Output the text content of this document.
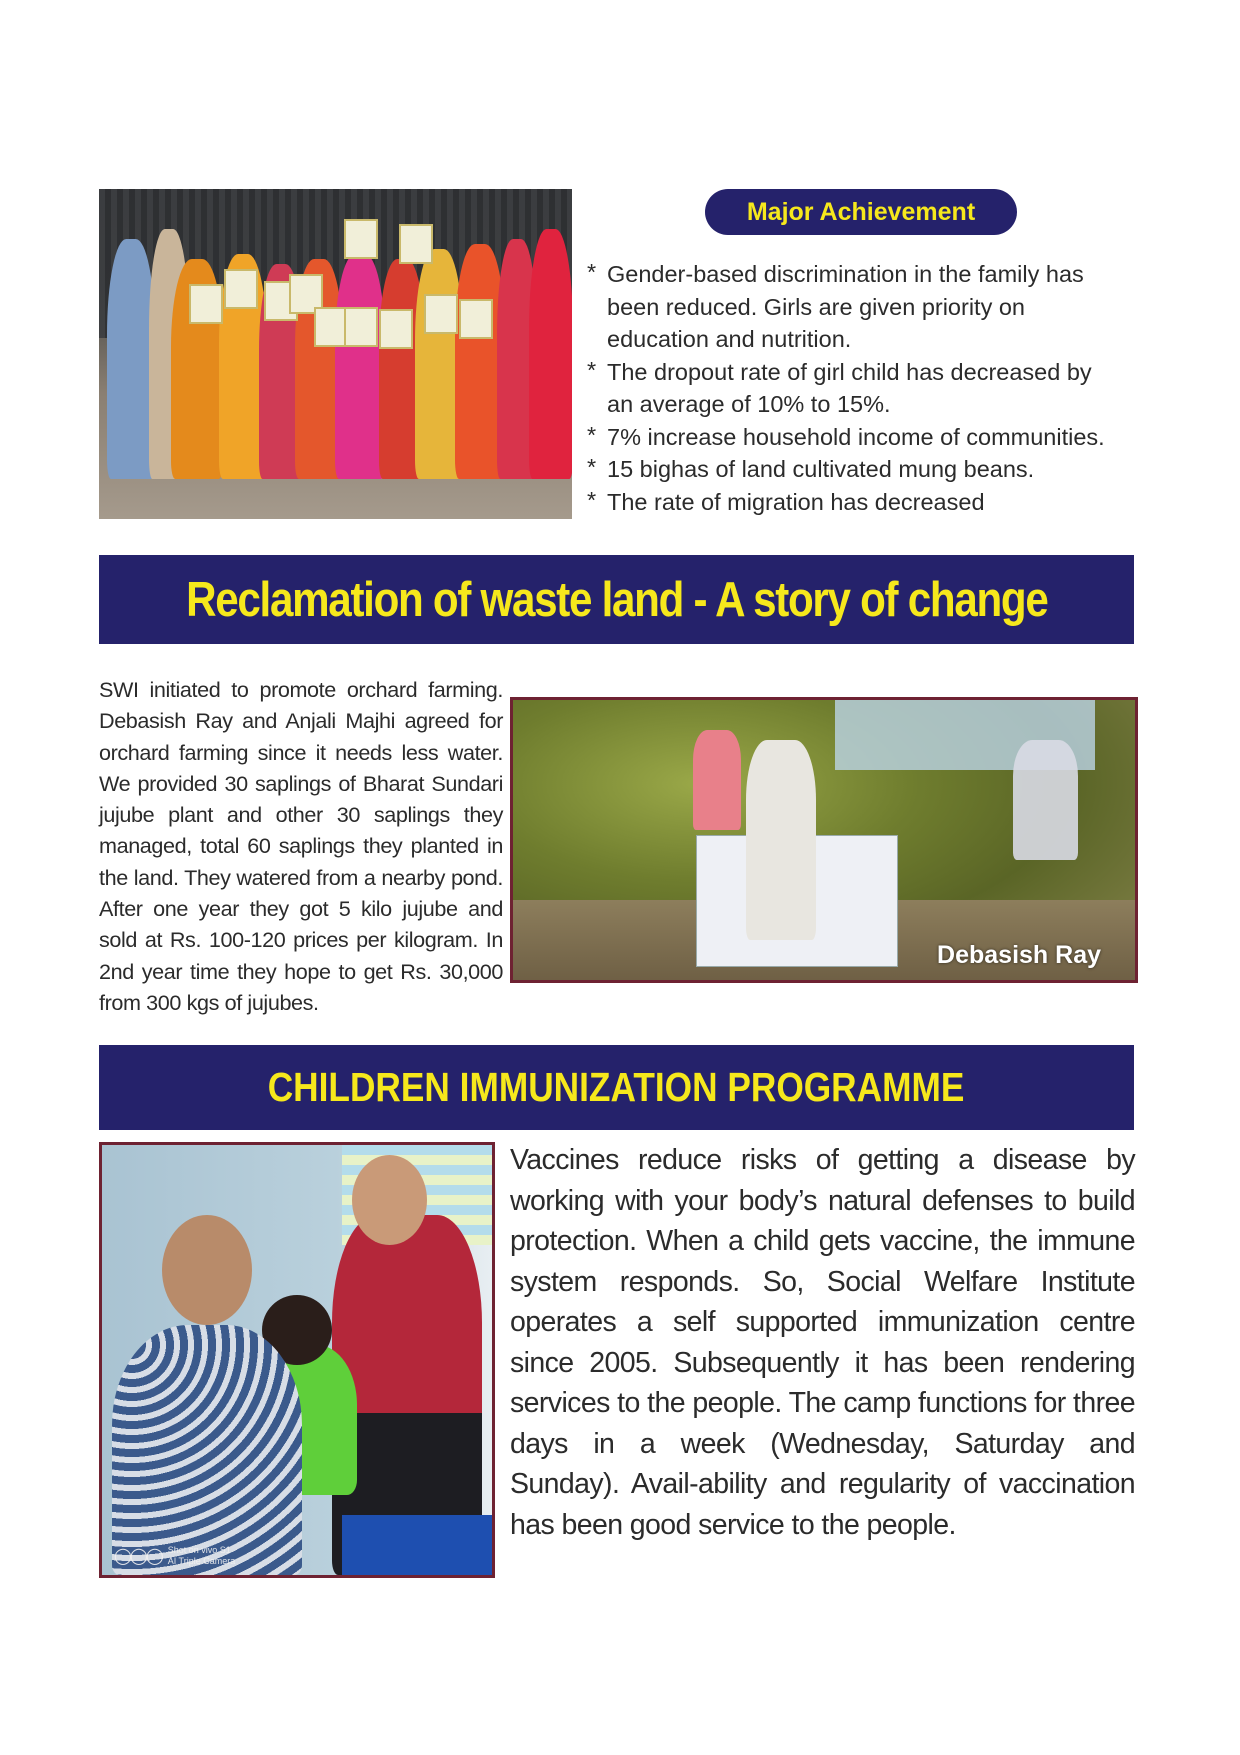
Major Achievement
* Gender-based discrimination in the family has been reduced. Girls are given priority on education and nutrition.
* The dropout rate of girl child has decreased by an average of 10% to 15%.
* 7% increase household income of communities.
* 15 bighas of land cultivated mung beans.
* The rate of migration has decreased
Reclamation of waste land - A story of change
SWI initiated to promote orchard farming. Debasish Ray and Anjali Majhi agreed for orchard farming since it needs less water. We provided 30 saplings of Bharat Sundari jujube plant and other 30 saplings they managed, total 60 saplings they planted in the land. They watered from a nearby pond. After one year they got 5 kilo jujube and sold at Rs. 100-120 prices per kilogram. In 2nd year time they hope to get Rs. 30,000 from 300 kgs of jujubes.
Debasish Ray
CHILDREN IMMUNIZATION PROGRAMME
◯◯◯ Shot on vivo S1
AI Triple Camera
Vaccines reduce risks of getting a disease by working with your body’s natural defenses to build protection. When a child gets vaccine, the immune system responds. So, Social Welfare Institute operates a self supported immunization centre since 2005. Subsequently it has been rendering services to the people. The camp functions for three days in a week (Wednesday, Saturday and Sunday). Avail-ability and regularity of vaccination has been good service to the people.
